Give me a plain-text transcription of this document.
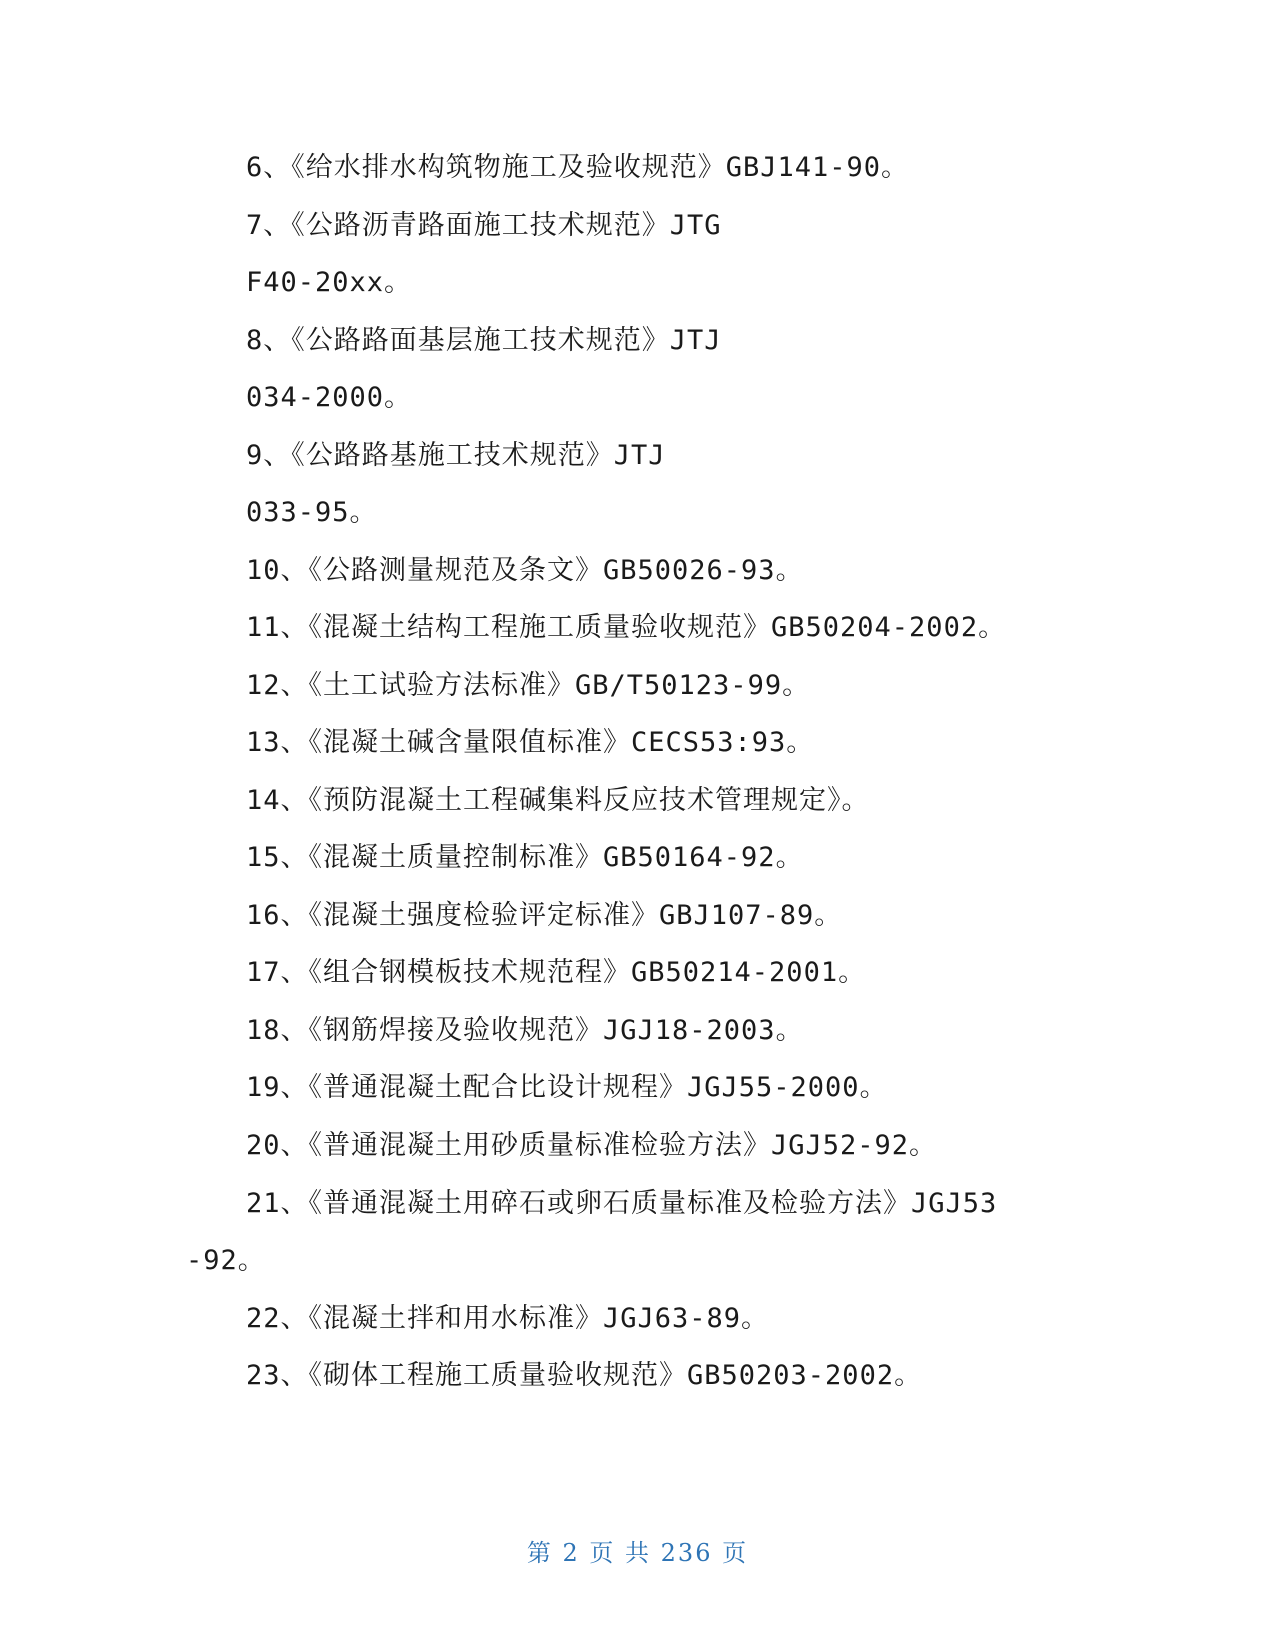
6、《给水排水构筑物施工及验收规范》GBJ141-90。
7、《公路沥青路面施工技术规范》JTG
F40-20xx。
8、《公路路面基层施工技术规范》JTJ
034-2000。
9、《公路路基施工技术规范》JTJ
033-95。
10、《公路测量规范及条文》GB50026-93。
11、《混凝土结构工程施工质量验收规范》GB50204-2002。
12、《土工试验方法标准》GB/T50123-99。
13、《混凝土碱含量限值标准》CECS53:93。
14、《预防混凝土工程碱集料反应技术管理规定》。
15、《混凝土质量控制标准》GB50164-92。
16、《混凝土强度检验评定标准》GBJ107-89。
17、《组合钢模板技术规范程》GB50214-2001。
18、《钢筋焊接及验收规范》JGJ18-2003。
19、《普通混凝土配合比设计规程》JGJ55-2000。
20、《普通混凝土用砂质量标准检验方法》JGJ52-92。
21、《普通混凝土用碎石或卵石质量标准及检验方法》JGJ53
-92。
22、《混凝土拌和用水标准》JGJ63-89。
23、《砌体工程施工质量验收规范》GB50203-2002。
第 2 页 共 236 页
